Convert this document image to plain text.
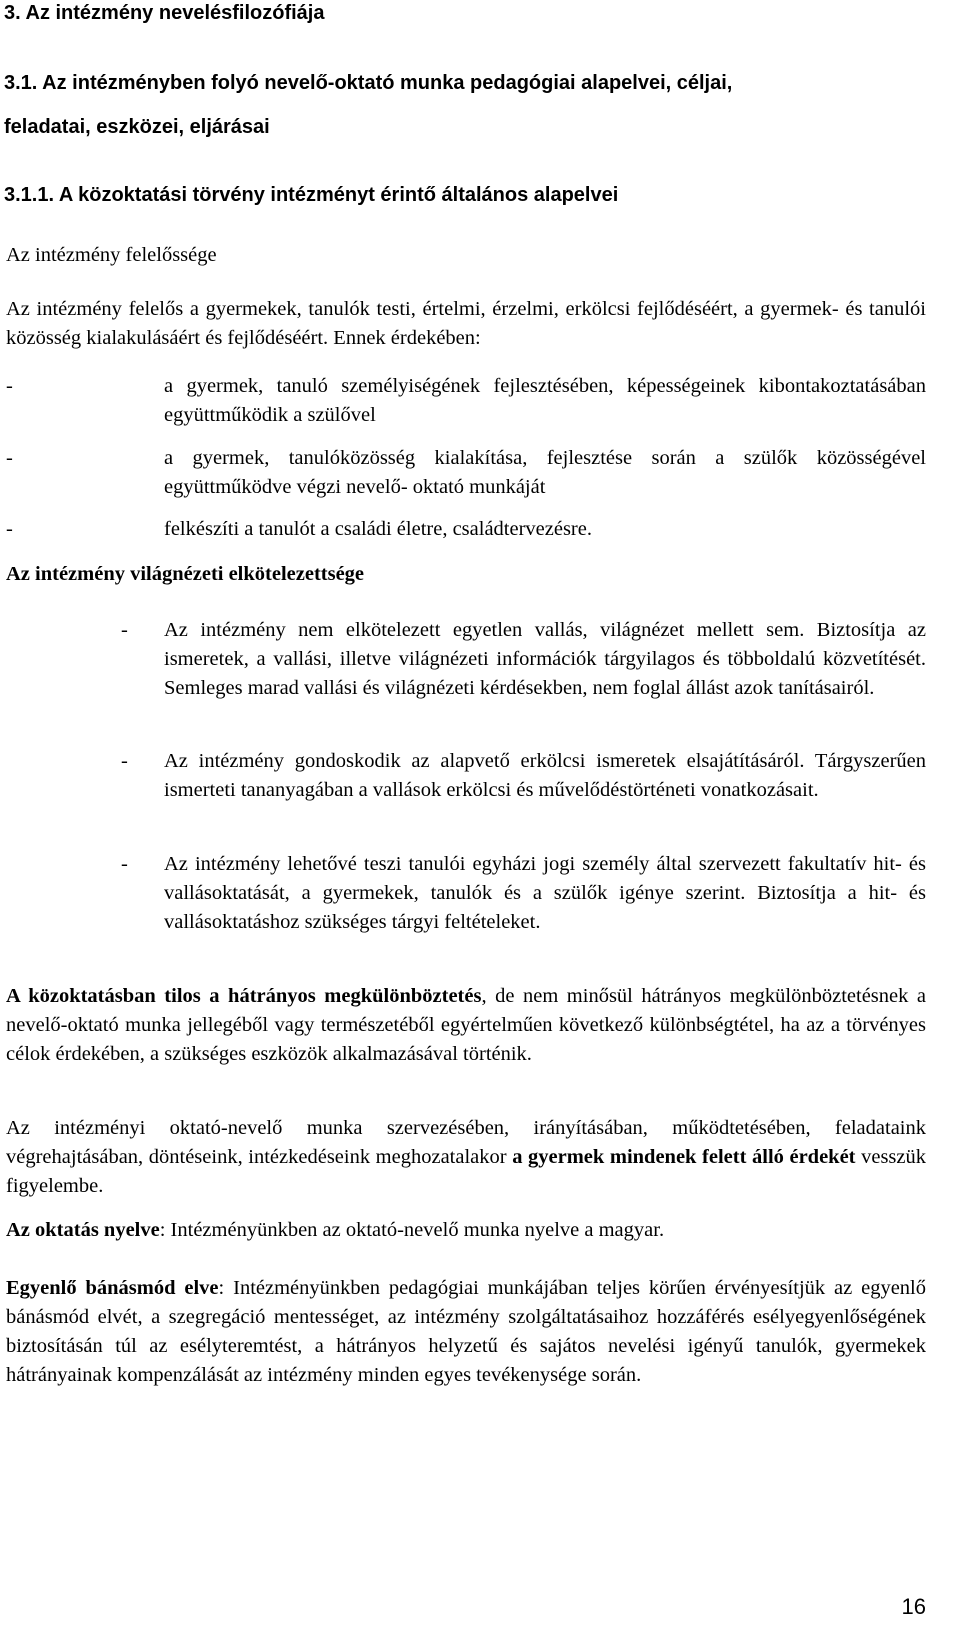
3. Az intézmény nevelésfilozófiája
3.1. Az intézményben folyó nevelő-oktató munka pedagógiai alapelvei, céljai,
feladatai, eszközei, eljárásai
3.1.1. A közoktatási törvény intézményt érintő általános alapelvei

Az intézmény felelőssége

Az intézmény felelős a gyermekek, tanulók testi, értelmi, érzelmi, erkölcsi fejlődéséért, a gyermek- és tanulói közösség kialakulásáért és fejlődéséért. Ennek érdekében:

-	a gyermek, tanuló személyiségének fejlesztésében, képességeinek kibontakoztatásában együttműködik a szülővel

-	a gyermek, tanulóközösség kialakítása, fejlesztése során a szülők közösségével együttműködve végzi nevelő- oktató munkáját

-	felkészíti a tanulót a családi életre, családtervezésre.

Az intézmény világnézeti elkötelezettsége

-	Az intézmény nem elkötelezett egyetlen vallás, világnézet mellett sem. Biztosítja az ismeretek, a vallási, illetve világnézeti információk tárgyilagos és többoldalú közvetítését. Semleges marad vallási és világnézeti kérdésekben, nem foglal állást azok tanításairól.

-	Az intézmény gondoskodik az alapvető erkölcsi ismeretek elsajátításáról. Tárgyszerűen ismerteti tananyagában a vallások erkölcsi és művelődéstörténeti vonatkozásait.

-	Az intézmény lehetővé teszi tanulói egyházi jogi személy által szervezett fakultatív hit- és vallásoktatását, a gyermekek, tanulók és a szülők igénye szerint. Biztosítja a hit- és vallásoktatáshoz szükséges tárgyi feltételeket.

A közoktatásban tilos a hátrányos megkülönböztetés, de nem minősül hátrányos megkülönböztetésnek a nevelő-oktató munka jellegéből vagy természetéből egyértelműen következő különbségtétel, ha az a törvényes célok érdekében, a szükséges eszközök alkalmazásával történik.

Az intézményi oktató-nevelő munka szervezésében, irányításában, működtetésében, feladataink végrehajtásában, döntéseink, intézkedéseink meghozatalakor a gyermek mindenek felett álló érdekét vesszük figyelembe.

Az oktatás nyelve: Intézményünkben az oktató-nevelő munka nyelve a magyar.

Egyenlő bánásmód elve: Intézményünkben pedagógiai munkájában teljes körűen érvényesítjük az egyenlő bánásmód elvét, a szegregáció mentességet, az intézmény szolgáltatásaihoz hozzáférés esélyegyenlőségének biztosításán túl az esélyteremtést, a hátrányos helyzetű és sajátos nevelési igényű tanulók, gyermekek hátrányainak kompenzálását az intézmény minden egyes tevékenysége során.

16
